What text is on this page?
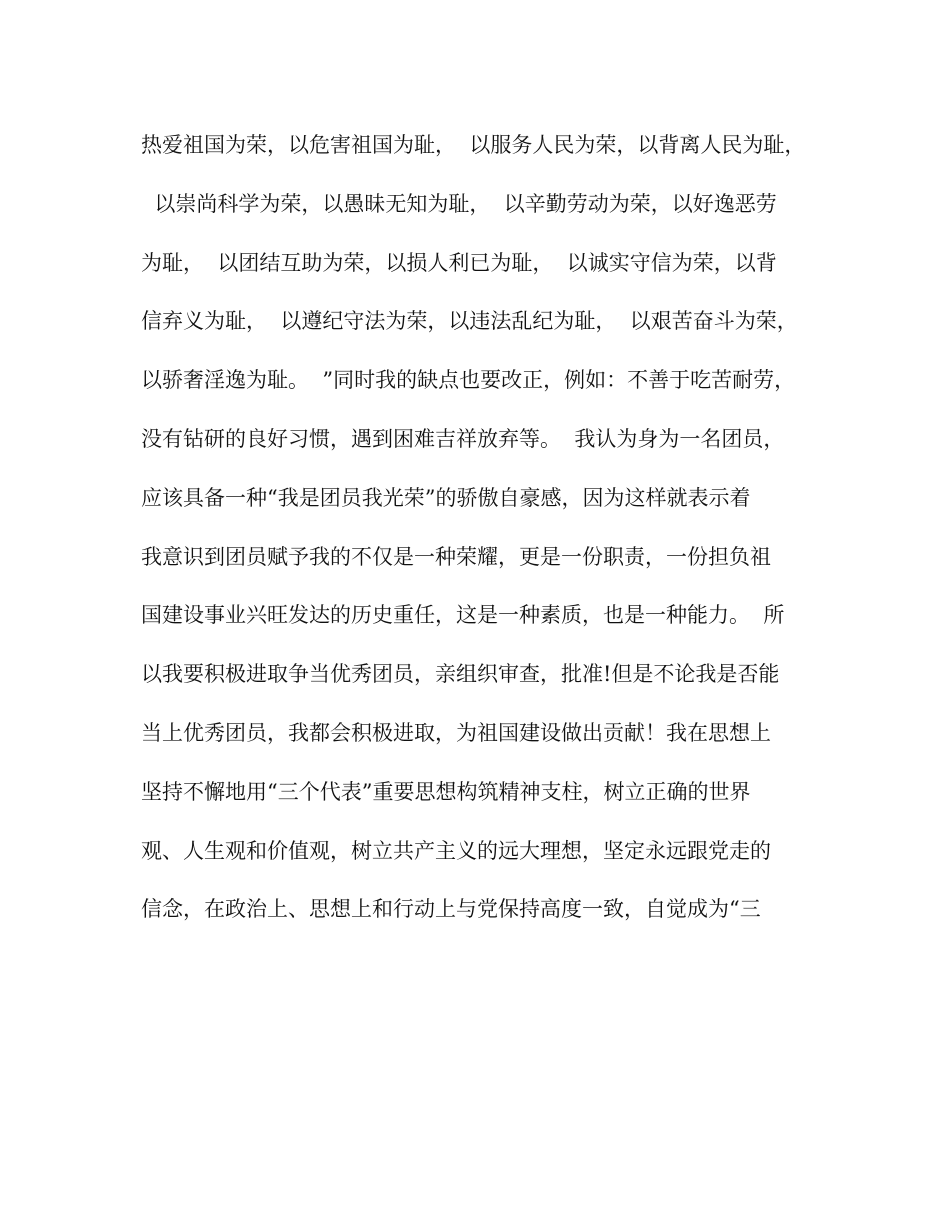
热爱祖国为荣，以危害祖国为耻，  以服务人民为荣，以背离人民为耻，
以崇尚科学为荣，以愚昧无知为耻，  以辛勤劳动为荣，以好逸恶劳
为耻，  以团结互助为荣，以损人利已为耻，  以诚实守信为荣，以背
信弃义为耻，  以遵纪守法为荣，以违法乱纪为耻，  以艰苦奋斗为荣，
以骄奢淫逸为耻。  ”同时我的缺点也要改正，例如：不善于吃苦耐劳，
没有钻研的良好习惯，遇到困难吉祥放弃等。  我认为身为一名团员，
应该具备一种“我是团员我光荣”的骄傲自豪感，因为这样就表示着
我意识到团员赋予我的不仅是一种荣耀，更是一份职责，一份担负祖
国建设事业兴旺发达的历史重任，这是一种素质，也是一种能力。  所
以我要积极进取争当优秀团员，亲组织审查，批准!但是不论我是否能
当上优秀团员，我都会积极进取，为祖国建设做出贡献！我在思想上
坚持不懈地用“三个代表”重要思想构筑精神支柱，树立正确的世界
观、人生观和价值观，树立共产主义的远大理想，坚定永远跟党走的
信念，在政治上、思想上和行动上与党保持高度一致，自觉成为“三
